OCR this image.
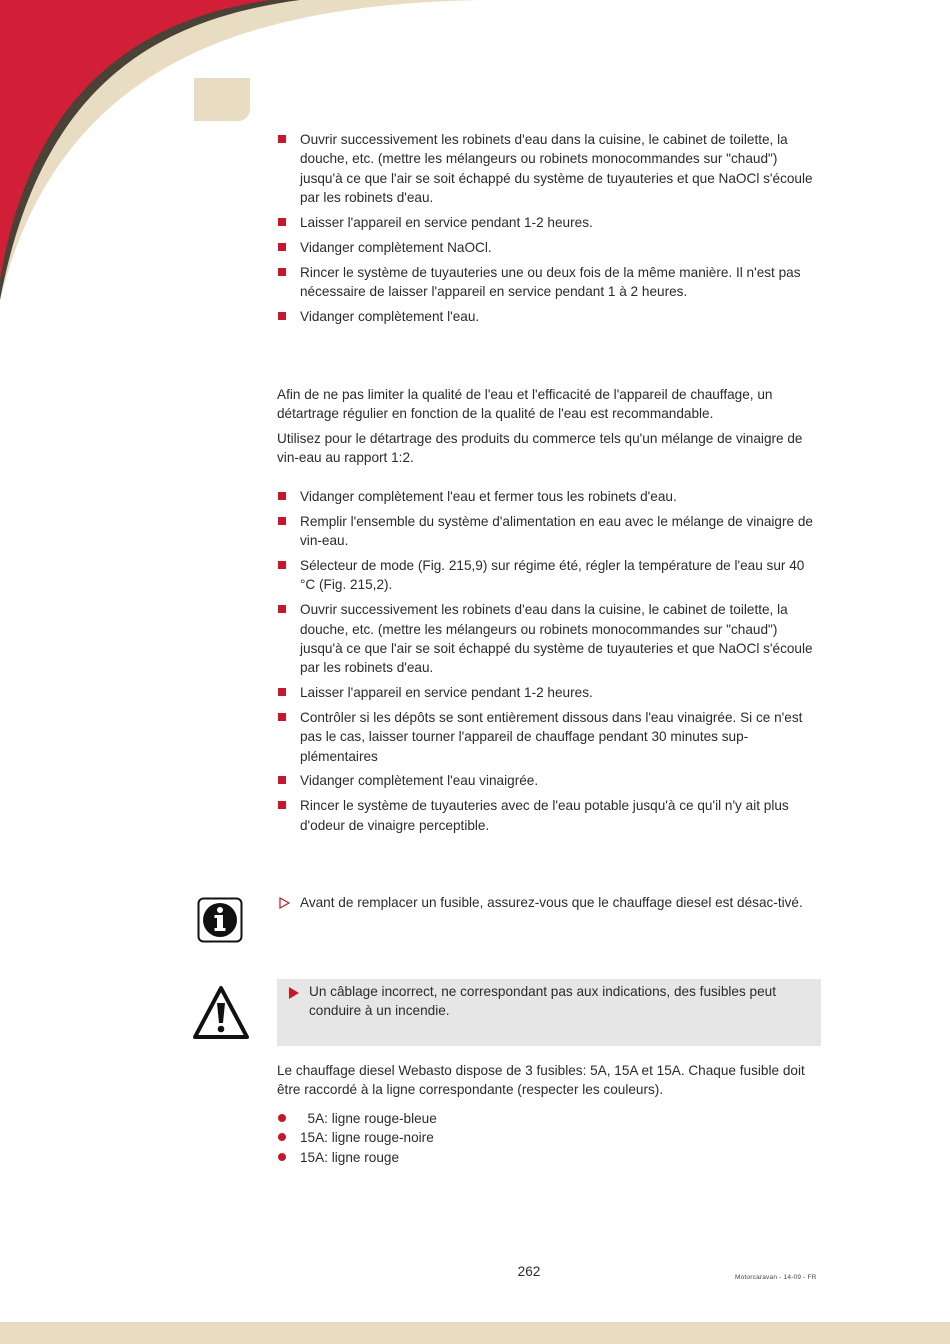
Ouvrir successivement les robinets d'eau dans la cuisine, le cabinet de toilette, la douche, etc. (mettre les mélangeurs ou robinets monocommandes sur "chaud") jusqu'à ce que l'air se soit échappé du système de tuyauteries et que NaOCl s'écoule par les robinets d'eau.
Laisser l'appareil en service pendant 1-2 heures.
Vidanger complètement NaOCl.
Rincer le système de tuyauteries une ou deux fois de la même manière. Il n'est pas nécessaire de laisser l'appareil en service pendant 1 à 2 heures.
Vidanger complètement l'eau.

Afin de ne pas limiter la qualité de l'eau et l'efficacité de l'appareil de chauffage, un détartrage régulier en fonction de la qualité de l'eau est recommandable.

Utilisez pour le détartrage des produits du commerce tels qu'un mélange de vinaigre de vin-eau au rapport 1:2.

Vidanger complètement l'eau et fermer tous les robinets d'eau.
Remplir l'ensemble du système d'alimentation en eau avec le mélange de vinaigre de vin-eau.
Sélecteur de mode (Fig. 215,9) sur régime été, régler la température de l'eau sur 40 °C (Fig. 215,2).
Ouvrir successivement les robinets d'eau dans la cuisine, le cabinet de toilette, la douche, etc. (mettre les mélangeurs ou robinets monocommandes sur "chaud") jusqu'à ce que l'air se soit échappé du système de tuyauteries et que NaOCl s'écoule par les robinets d'eau.
Laisser l'appareil en service pendant 1-2 heures.
Contrôler si les dépôts se sont entièrement dissous dans l'eau vinaigrée. Si ce n'est pas le cas, laisser tourner l'appareil de chauffage pendant 30 minutes sup-plémentaires
Vidanger complètement l'eau vinaigrée.
Rincer le système de tuyauteries avec de l'eau potable jusqu'à ce qu'il n'y ait plus d'odeur de vinaigre perceptible.
Avant de remplacer un fusible, assurez-vous que le chauffage diesel est désac-tivé.
Un câblage incorrect, ne correspondant pas aux indications, des fusibles peut conduire à un incendie.

Le chauffage diesel Webasto dispose de 3 fusibles: 5A, 15A et 15A. Chaque fusible doit être raccordé à la ligne correspondante (respecter les couleurs).

5A: ligne rouge-bleue
15A: ligne rouge-noire
15A: ligne rouge
262	Motorcaravan - 14-09 - FR
